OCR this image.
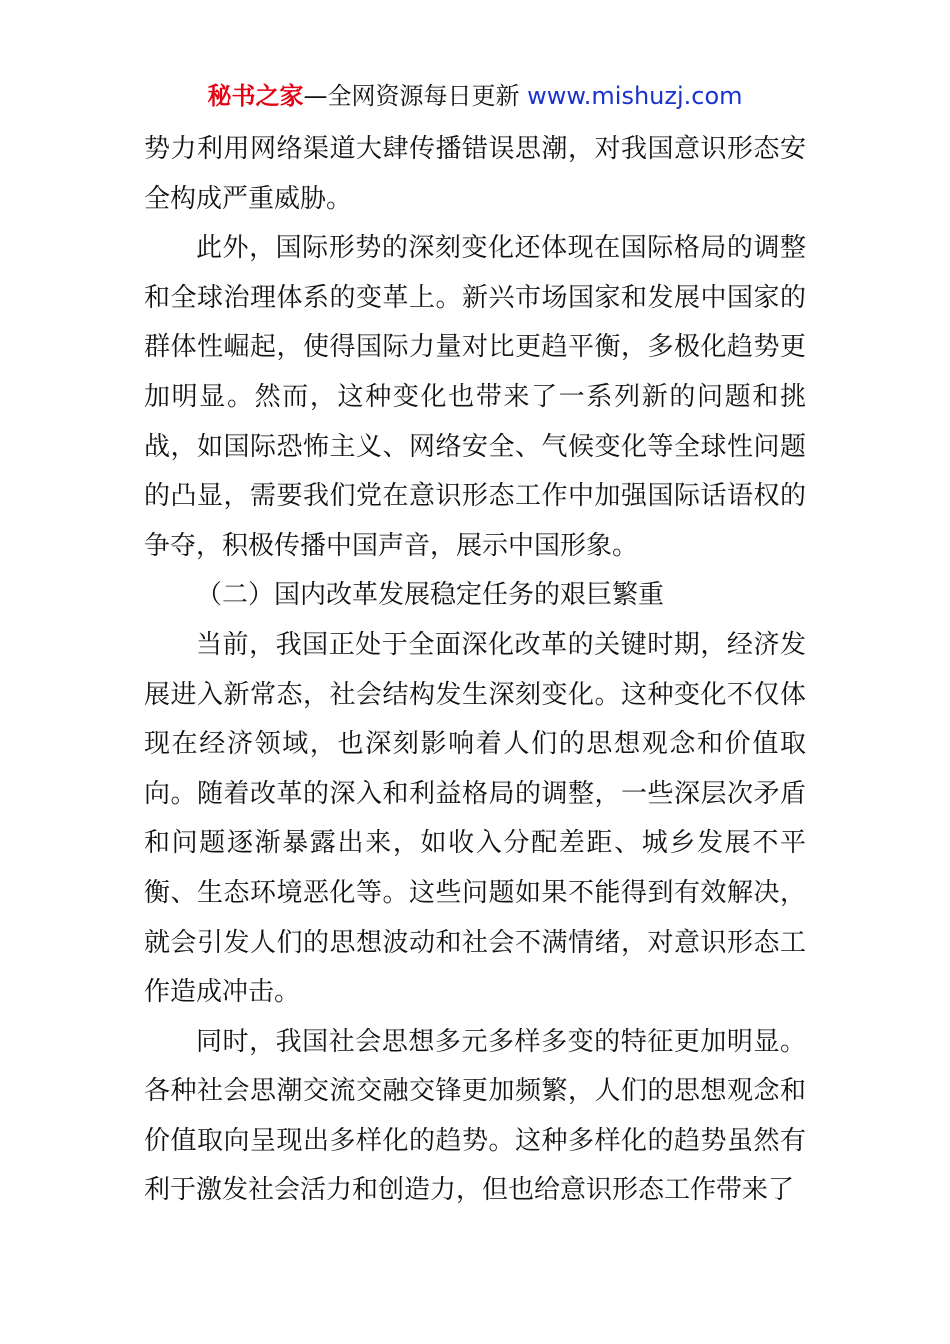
秘书之家—全网资源每日更新 www.mishuzj.com

势力利用网络渠道大肆传播错误思潮，对我国意识形态安全构成严重威胁。

此外，国际形势的深刻变化还体现在国际格局的调整和全球治理体系的变革上。新兴市场国家和发展中国家的群体性崛起，使得国际力量对比更趋平衡，多极化趋势更加明显。然而，这种变化也带来了一系列新的问题和挑战，如国际恐怖主义、网络安全、气候变化等全球性问题的凸显，需要我们党在意识形态工作中加强国际话语权的争夺，积极传播中国声音，展示中国形象。

（二）国内改革发展稳定任务的艰巨繁重

当前，我国正处于全面深化改革的关键时期，经济发展进入新常态，社会结构发生深刻变化。这种变化不仅体现在经济领域，也深刻影响着人们的思想观念和价值取向。随着改革的深入和利益格局的调整，一些深层次矛盾和问题逐渐暴露出来，如收入分配差距、城乡发展不平衡、生态环境恶化等。这些问题如果不能得到有效解决，就会引发人们的思想波动和社会不满情绪，对意识形态工作造成冲击。

同时，我国社会思想多元多样多变的特征更加明显。各种社会思潮交流交融交锋更加频繁，人们的思想观念和价值取向呈现出多样化的趋势。这种多样化的趋势虽然有利于激发社会活力和创造力，但也给意识形态工作带来了
